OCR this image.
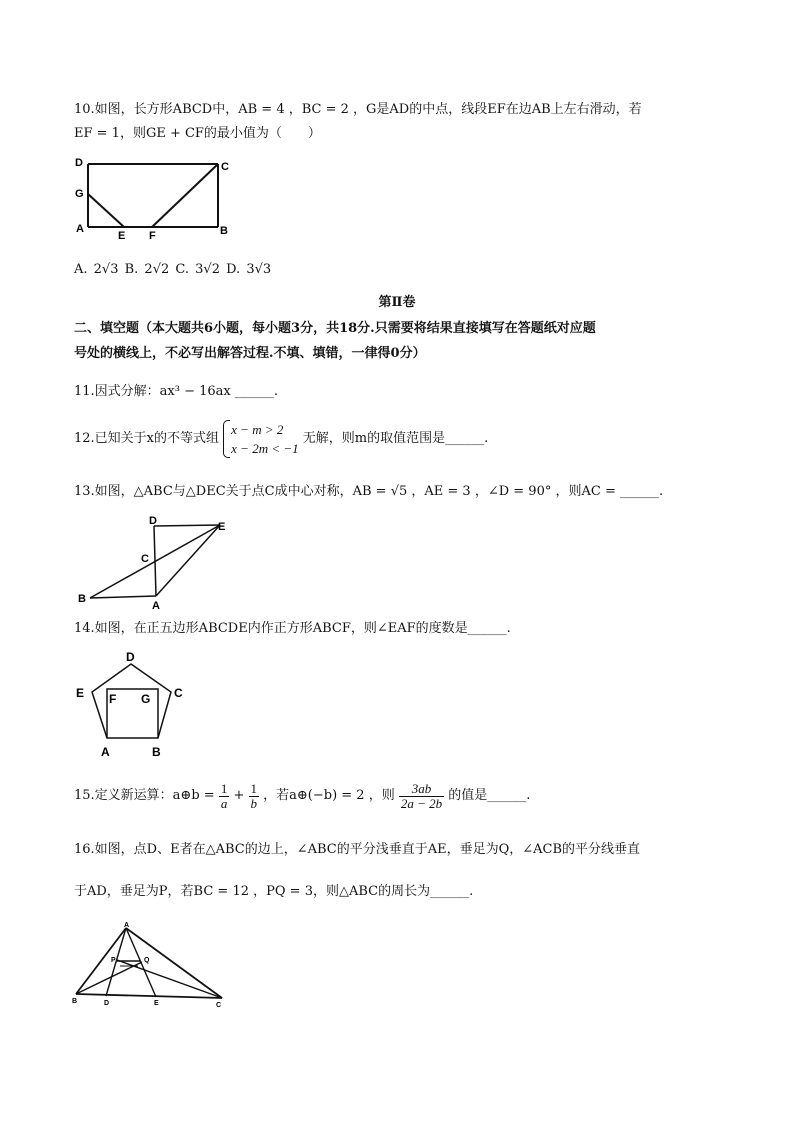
10.如图，长方形ABCD中，AB = 4 ，BC = 2 ，G是AD的中点，线段EF在边AB上左右滑动，若
EF = 1，则GE + CF的最小值为（　　）
D	C
G
A
E F	B
A. 2√3 B. 2√2 C. 3√2 D. 3√3
第Ⅱ卷
二、填空题（本大题共6小题，每小题3分，共18分.只需要将结果直接填写在答题纸对应题
号处的横线上，不必写出解答过程.不填、填错，一律得0分）
11.因式分解：ax³ − 16ax ______.
12.已知关于x的不等式组
x − m > 2
x − 2m < −1
无解，则m的取值范围是______.
13.如图，△ABC与△DEC关于点C成中心对称，AB = √5 ，AE = 3 ，∠D = 90° ，则AC = ______.
D	E
C
B
A
14.如图，在正五边形ABCDE内作正方形ABCF，则∠EAF的度数是______.
D
E F G C
A	B
15.定义新运算：a⊕b = $\frac{1}{a} + \frac{1}{b}$ ，若a⊕(−b) = 2 ，则 $\frac{3ab}{2a - 2b}$ 的值是______.
16.如图，点D、E者在△ABC的边上，∠ABC的平分浅垂直于AE，垂足为Q，∠ACB的平分线垂直
于AD，垂足为P，若BC = 12 ，PQ = 3，则△ABC的周长为______.
A
P	Q
B	D	E	C
